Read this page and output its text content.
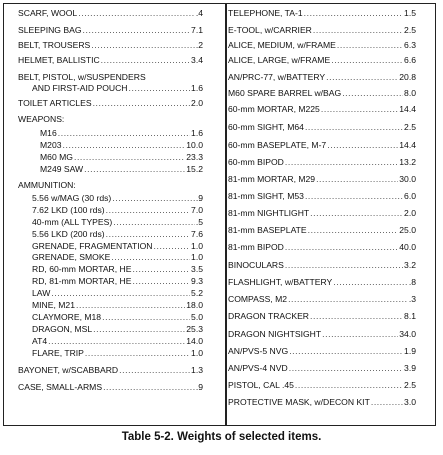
SCARF, WOOL .....	.4
SLEEPING BAG .....	7.1
BELT, TROUSERS .....	.2
HELMET, BALLISTIC .....	3.4
BELT, PISTOL, w/SUSPENDERS
AND FIRST-AID POUCH .....	1.6
TOILET ARTICLES .....	2.0
WEAPONS:
M16 .....	1.6
M203 .....	10.0
M60 MG .....	23.3
M249 SAW .....	15.2
AMMUNITION:
5.56 w/MAG (30 rds) .....	.9
7.62 LKD (100 rds) .....	7.0
40-mm (ALL TYPES) .....	.5
5.56 LKD (200 rds) .....	7.6
GRENADE, FRAGMENTATION .....	1.0
GRENADE, SMOKE .....	1.0
RD, 60-mm MORTAR, HE .....	3.5
RD, 81-mm MORTAR, HE .....	9.3
LAW .....	5.2
MINE, M21 .....	18.0
CLAYMORE, M18 .....	5.0
DRAGON, MSL .....	25.3
AT4 .....	14.0
FLARE, TRIP .....	1.0
BAYONET, w/SCABBARD .....	1.3
CASE, SMALL-ARMS .....	.9
TELEPHONE, TA-1 .....	1.5
E-TOOL, w/CARRIER .....	2.5
ALICE, MEDIUM, w/FRAME .....	6.3
ALICE, LARGE, w/FRAME .....	6.6
AN/PRC-77, w/BATTERY .....	20.8
M60 SPARE BARREL w/BAG .....	8.0
60-mm MORTAR, M225 .....	14.4
60-mm SIGHT, M64 .....	2.5
60-mm BASEPLATE, M-7 .....	14.4
60-mm BIPOD .....	13.2
81-mm MORTAR, M29 .....	30.0
81-mm SIGHT, M53 .....	6.0
81-mm NIGHTLIGHT .....	2.0
81-mm BASEPLATE .....	25.0
81-mm BIPOD .....	40.0
BINOCULARS .....	3.2
FLASHLIGHT, w/BATTERY .....	.8
COMPASS, M2 .....	.3
DRAGON TRACKER .....	8.1
DRAGON NIGHTSIGHT .....	34.0
AN/PVS-5 NVG .....	1.9
AN/PVS-4 NVD .....	3.9
PISTOL, CAL .45 .....	2.5
PROTECTIVE MASK, w/DECON KIT .....	3.0
Table 5-2. Weights of selected items.
